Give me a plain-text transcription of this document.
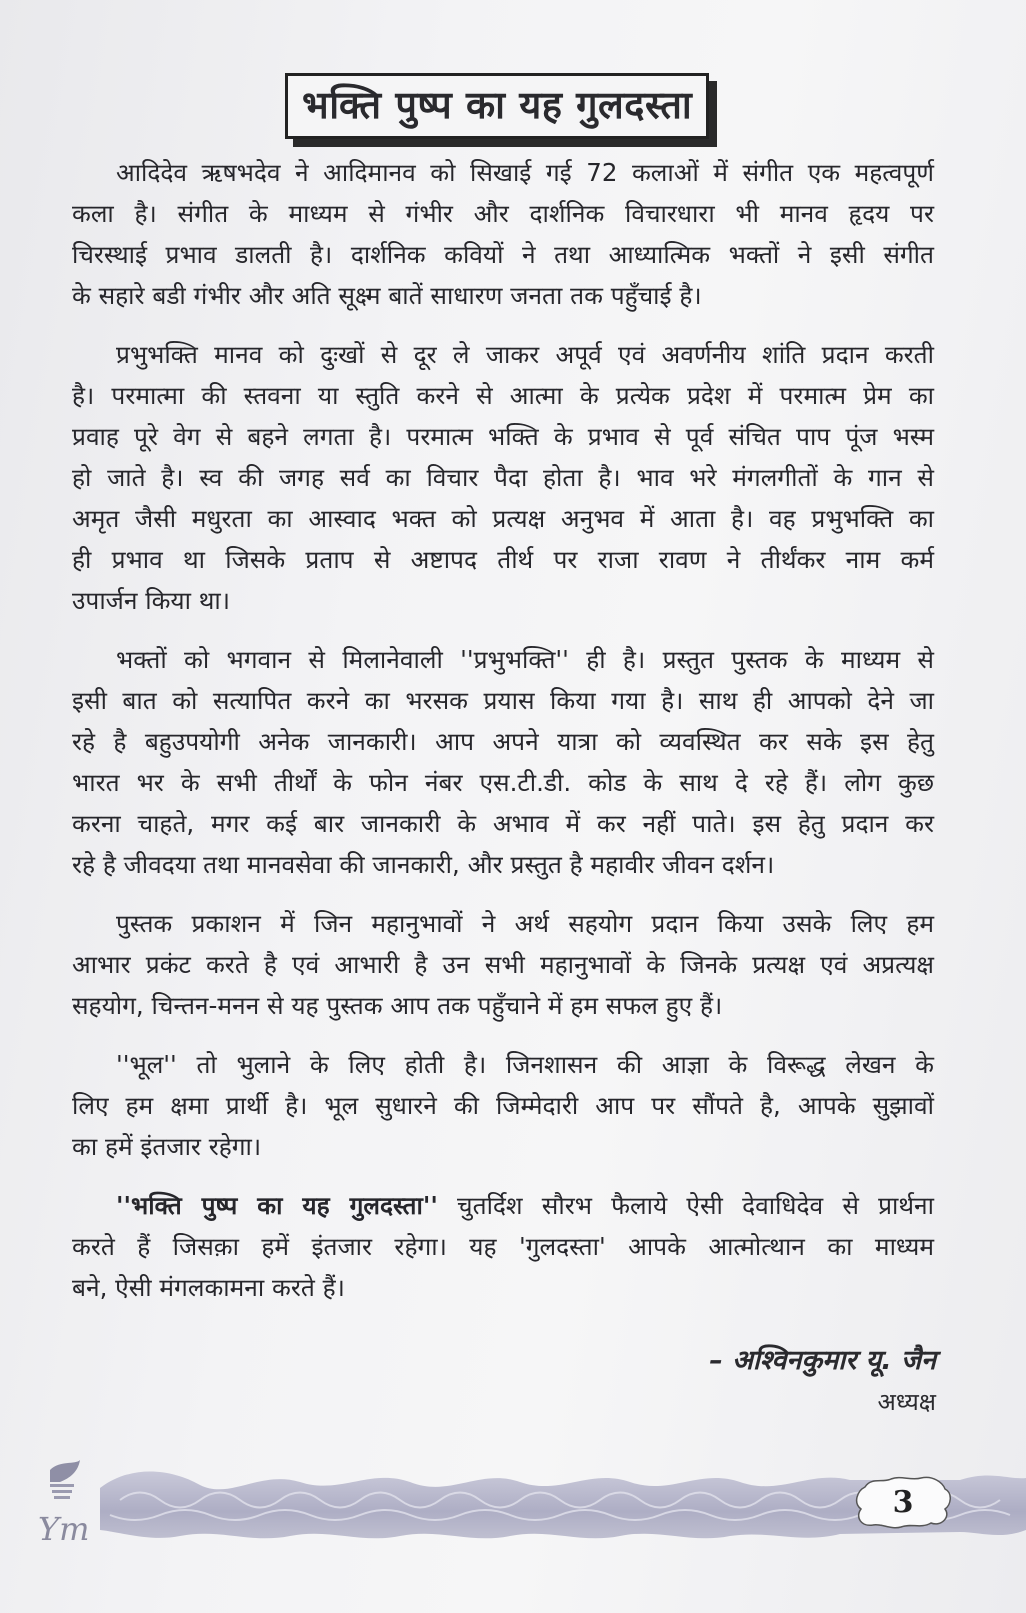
भक्ति पुष्प का यह गुलदस्ता
आदिदेव ऋषभदेव ने आदिमानव को सिखाई गई 72 कलाओं में संगीत एक महत्वपूर्ण
कला है। संगीत के माध्यम से गंभीर और दार्शनिक विचारधारा भी मानव हृदय पर
चिरस्थाई प्रभाव डालती है। दार्शनिक कवियों ने तथा आध्यात्मिक भक्तों ने इसी संगीत
के सहारे बडी गंभीर और अति सूक्ष्म बातें साधारण जनता तक पहुँचाई है।
प्रभुभक्ति मानव को दुःखों से दूर ले जाकर अपूर्व एवं अवर्णनीय शांति प्रदान करती
है। परमात्मा की स्तवना या स्तुति करने से आत्मा के प्रत्येक प्रदेश में परमात्म प्रेम का
प्रवाह पूरे वेग से बहने लगता है। परमात्म भक्ति के प्रभाव से पूर्व संचित पाप पूंज भस्म
हो जाते है। स्व की जगह सर्व का विचार पैदा होता है। भाव भरे मंगलगीतों के गान से
अमृत जैसी मधुरता का आस्वाद भक्त को प्रत्यक्ष अनुभव में आता है। वह प्रभुभक्ति का
ही प्रभाव था जिसके प्रताप से अष्टापद तीर्थ पर राजा रावण ने तीर्थंकर नाम कर्म
उपार्जन किया था।
भक्तों को भगवान से मिलानेवाली ''प्रभुभक्ति'' ही है। प्रस्तुत पुस्तक के माध्यम से
इसी बात को सत्यापित करने का भरसक प्रयास किया गया है। साथ ही आपको देने जा
रहे है बहुउपयोगी अनेक जानकारी। आप अपने यात्रा को व्यवस्थित कर सके इस हेतु
भारत भर के सभी तीर्थों के फोन नंबर एस.टी.डी. कोड के साथ दे रहे हैं। लोग कुछ
करना चाहते, मगर कई बार जानकारी के अभाव में कर नहीं पाते। इस हेतु प्रदान कर
रहे है जीवदया तथा मानवसेवा की जानकारी, और प्रस्तुत है महावीर जीवन दर्शन।
पुस्तक प्रकाशन में जिन महानुभावों ने अर्थ सहयोग प्रदान किया उसके लिए हम
आभार प्रकंट करते है एवं आभारी है उन सभी महानुभावों के जिनके प्रत्यक्ष एवं अप्रत्यक्ष
सहयोग, चिन्तन-मनन से यह पुस्तक आप तक पहुँचाने में हम सफल हुए हैं।
''भूल'' तो भुलाने के लिए होती है। जिनशासन की आज्ञा के विरूद्ध लेखन के
लिए हम क्षमा प्रार्थी है। भूल सुधारने की जिम्मेदारी आप पर सौंपते है, आपके सुझावों
का हमें इंतजार रहेगा।
''भक्ति पुष्प का यह गुलदस्ता'' चुतर्दिश सौरभ फैलाये ऐसी देवाधिदेव से प्रार्थना
करते हैं जिसक़ा हमें इंतजार रहेगा। यह 'गुलदस्ता' आपके आत्मोत्थान का माध्यम
बने, ऐसी मंगलकामना करते हैं।
– अश्विनकुमार यू. जैन
अध्यक्ष
Ym
3
